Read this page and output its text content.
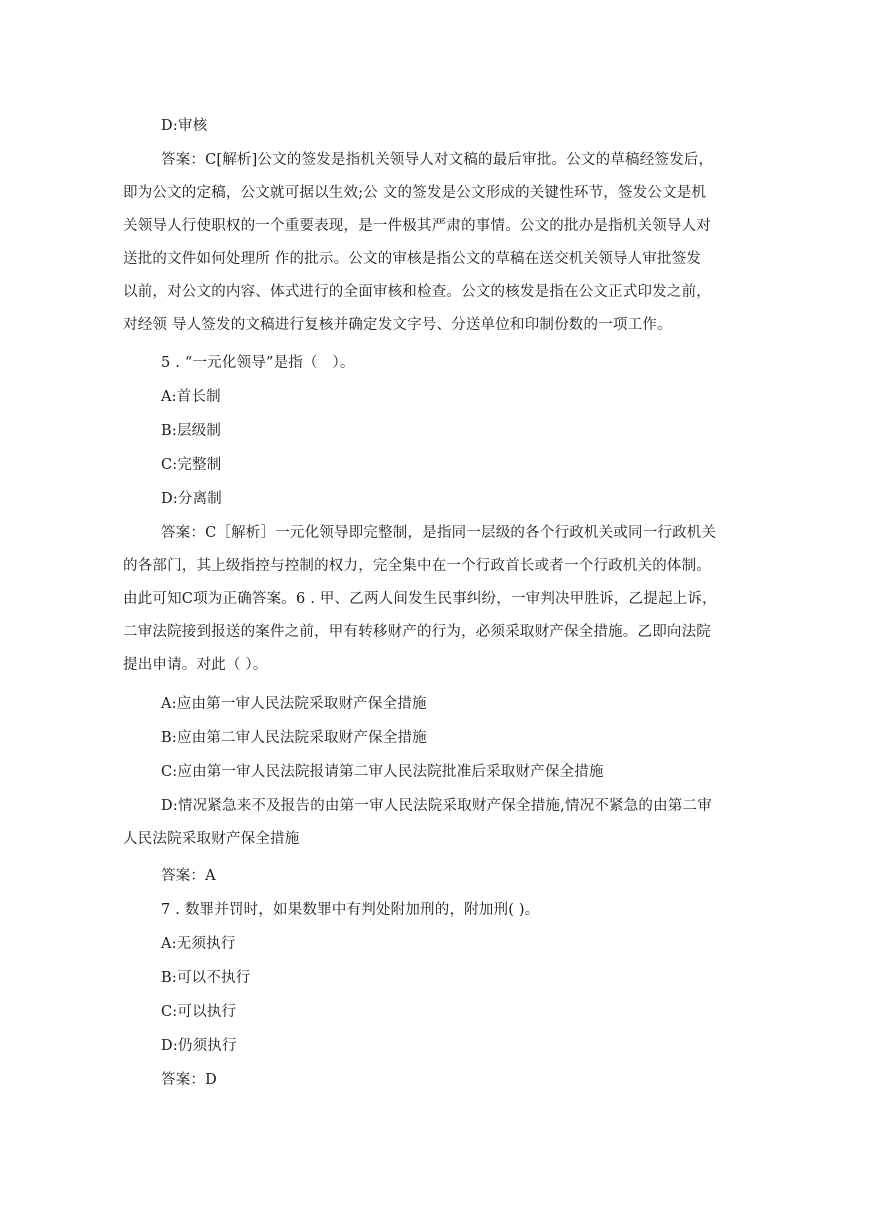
D:审核
答案：C[解析]公文的签发是指机关领导人对文稿的最后审批。公文的草稿经签发后，
即为公文的定稿，公文就可据以生效;公 文的签发是公文形成的关键性环节，签发公文是机
关领导人行使职权的一个重要表现，是一件极其严肃的事情。公文的批办是指机关领导人对
送批的文件如何处理所 作的批示。公文的审核是指公文的草稿在送交机关领导人审批签发
以前，对公文的内容、体式进行的全面审核和检查。公文的核发是指在公文正式印发之前，
对经领 导人签发的文稿进行复核并确定发文字号、分送单位和印制份数的一项工作。
5 . “一元化领导”是指（　）。
A:首长制
B:层级制
C:完整制
D:分离制
答案：C［解析］一元化领导即完整制，是指同一层级的各个行政机关或同一行政机关
的各部门，其上级指控与控制的权力，完全集中在一个行政首长或者一个行政机关的体制。
由此可知C项为正确答案。6 . 甲、乙两人间发生民事纠纷，一审判决甲胜诉，乙提起上诉，
二审法院接到报送的案件之前，甲有转移财产的行为，必须采取财产保全措施。乙即向法院
提出申请。对此（ ）。
A:应由第一审人民法院采取财产保全措施
B:应由第二审人民法院采取财产保全措施
C:应由第一审人民法院报请第二审人民法院批准后采取财产保全措施
D:情况紧急来不及报告的由第一审人民法院采取财产保全措施,情况不紧急的由第二审
人民法院采取财产保全措施
答案：A
7 . 数罪并罚时，如果数罪中有判处附加刑的，附加刑( )。
A:无须执行
B:可以不执行
C:可以执行
D:仍须执行
答案：D
